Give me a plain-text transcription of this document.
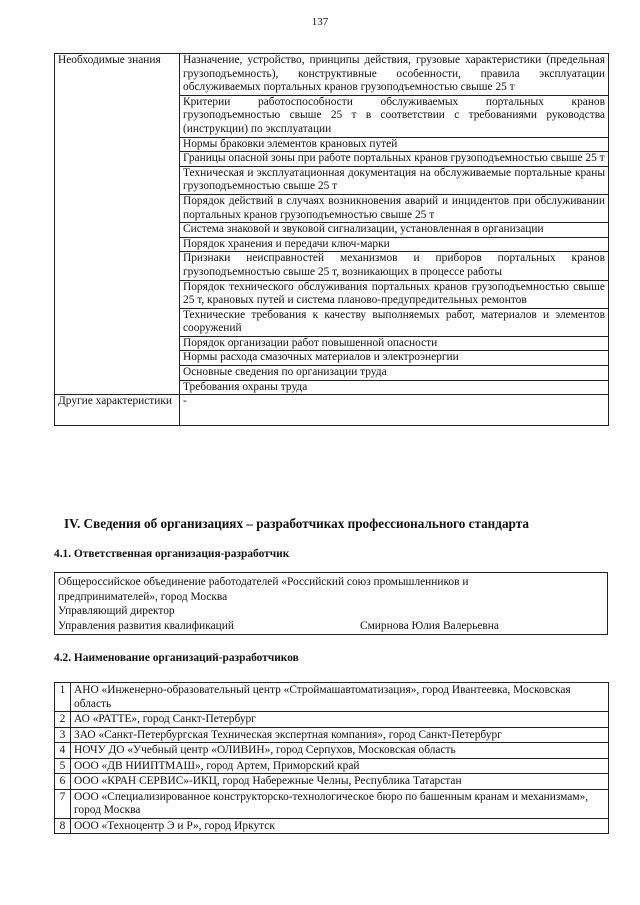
137
Необходимые знания	Назначение, устройство, принципы действия, грузовые характеристики (предельная грузоподъемность), конструктивные особенности, правила эксплуатации обслуживаемых портальных кранов грузоподъемностью свыше 25 т
	Критерии работоспособности обслуживаемых портальных кранов грузоподъемностью свыше 25 т в соответствии с требованиями руководства (инструкции) по эксплуатации
	Нормы браковки элементов крановых путей
	Границы опасной зоны при работе портальных кранов грузоподъемностью свыше 25 т
	Техническая и эксплуатационная документация на обслуживаемые портальные краны грузоподъемностью свыше 25 т
	Порядок действий в случаях возникновения аварий и инцидентов при обслуживании портальных кранов грузоподъемностью свыше 25 т
	Система знаковой и звуковой сигнализации, установленная в организации
	Порядок хранения и передачи ключ-марки
	Признаки неисправностей механизмов и приборов портальных кранов грузоподъемностью свыше 25 т, возникающих в процессе работы
	Порядок технического обслуживания портальных кранов грузоподъемностью свыше 25 т, крановых путей и система планово-предупредительных ремонтов
	Технические требования к качеству выполняемых работ, материалов и элементов сооружений
	Порядок организации работ повышенной опасности
	Нормы расхода смазочных материалов и электроэнергии
	Основные сведения по организации труда
	Требования охраны труда
Другие характеристики	-
IV. Сведения об организациях – разработчиках профессионального стандарта
4.1. Ответственная организация-разработчик
Общероссийское объединение работодателей «Российский союз промышленников и
предпринимателей», город Москва
Управляющий директор
Управления развития квалификаций	Смирнова Юлия Валерьевна
4.2. Наименование организаций-разработчиков
1	АНО «Инженерно-образовательный центр «Строймашавтоматизация», город Ивантеевка, Московская область
2	АО «РАТТЕ», город Санкт-Петербург
3	ЗАО «Санкт-Петербургская Техническая экспертная компания», город Санкт-Петербург
4	НОЧУ ДО «Учебный центр «ОЛИВИН», город Серпухов, Московская область
5	ООО «ДВ НИИПТМАШ», город Артем, Приморский край
6	ООО «КРАН СЕРВИС»-ИКЦ, город Набережные Челны, Республика Татарстан
7	ООО «Специализированное конструкторско-технологическое бюро по башенным кранам и механизмам», город Москва
8	ООО «Техноцентр Э и Р», город Иркутск
